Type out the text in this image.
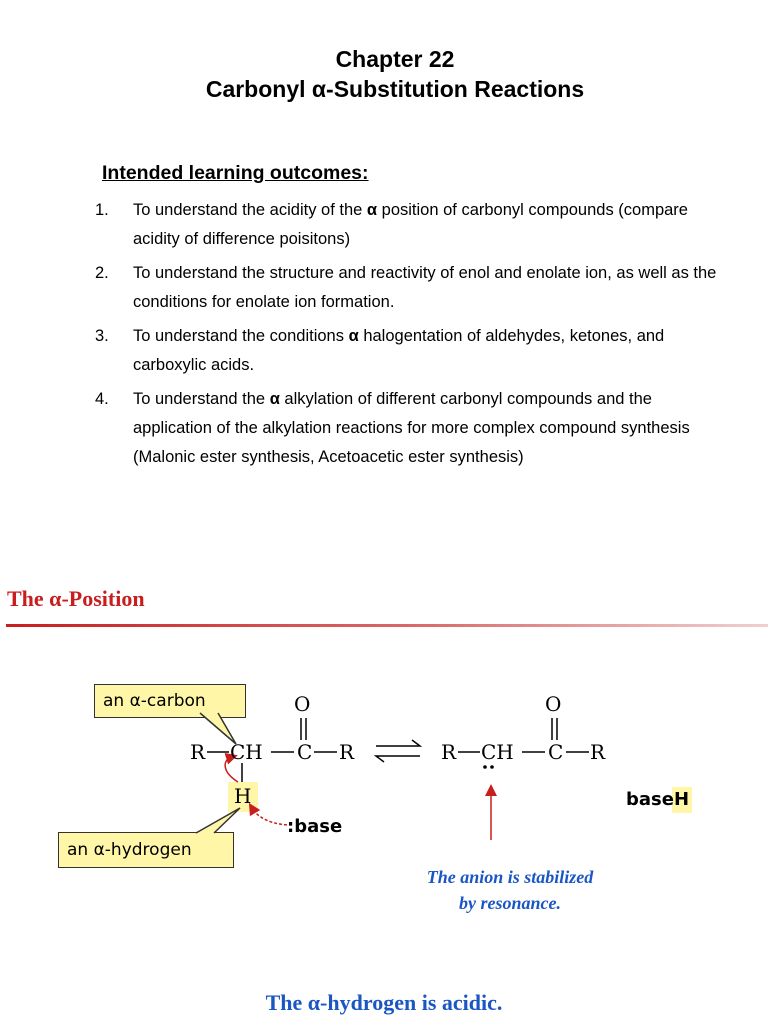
Chapter 22
Carbonyl α-Substitution Reactions
Intended learning outcomes:
1. To understand the acidity of the α position of carbonyl compounds (compare acidity of difference poisitons)
2. To understand the structure and reactivity of enol and enolate ion, as well as the conditions for enolate ion formation.
3. To understand the conditions α halogentation of aldehydes, ketones, and carboxylic acids.
4. To understand the α alkylation of different carbonyl compounds and the application of the alkylation reactions for more complex compound synthesis (Malonic ester synthesis, Acetoacetic ester synthesis)
The α-Position
an α-carbon
an α-hydrogen
R CH C R
O
H
R CH C R
O
:base
baseH
The anion is stabilized
by resonance.
The α-hydrogen is acidic.
